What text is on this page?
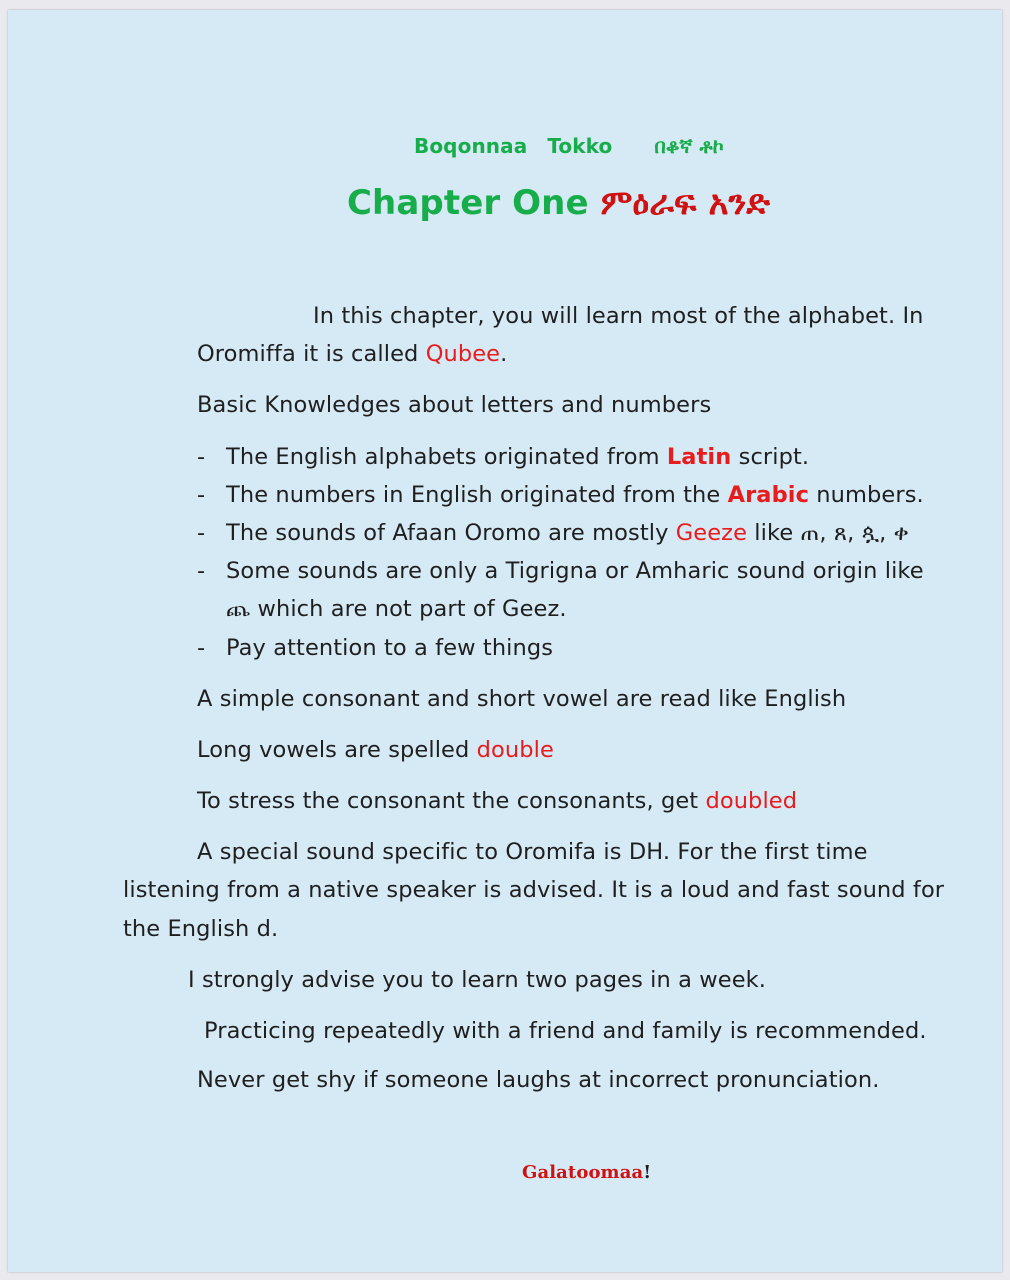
Boqonnaa Tokko በቆኛ ቶኮ
Chapter One ምዕራፍ አንድ
In this chapter, you will learn most of the alphabet. In
Oromiffa it is called Qubee.
Basic Knowledges about letters and numbers
- The English alphabets originated from Latin script.
- The numbers in English originated from the Arabic numbers.
- The sounds of Afaan Oromo are mostly Geeze like ጠ, ጸ, ጷ, ቀ
- Some sounds are only a Tigrigna or Amharic sound origin like
ጨ which are not part of Geez.
- Pay attention to a few things
A simple consonant and short vowel are read like English
Long vowels are spelled double
To stress the consonant the consonants, get doubled
A special sound specific to Oromifa is DH. For the first time
listening from a native speaker is advised. It is a loud and fast sound for
the English d.
I strongly advise you to learn two pages in a week.
Practicing repeatedly with a friend and family is recommended.
Never get shy if someone laughs at incorrect pronunciation.
Galatoomaa!
